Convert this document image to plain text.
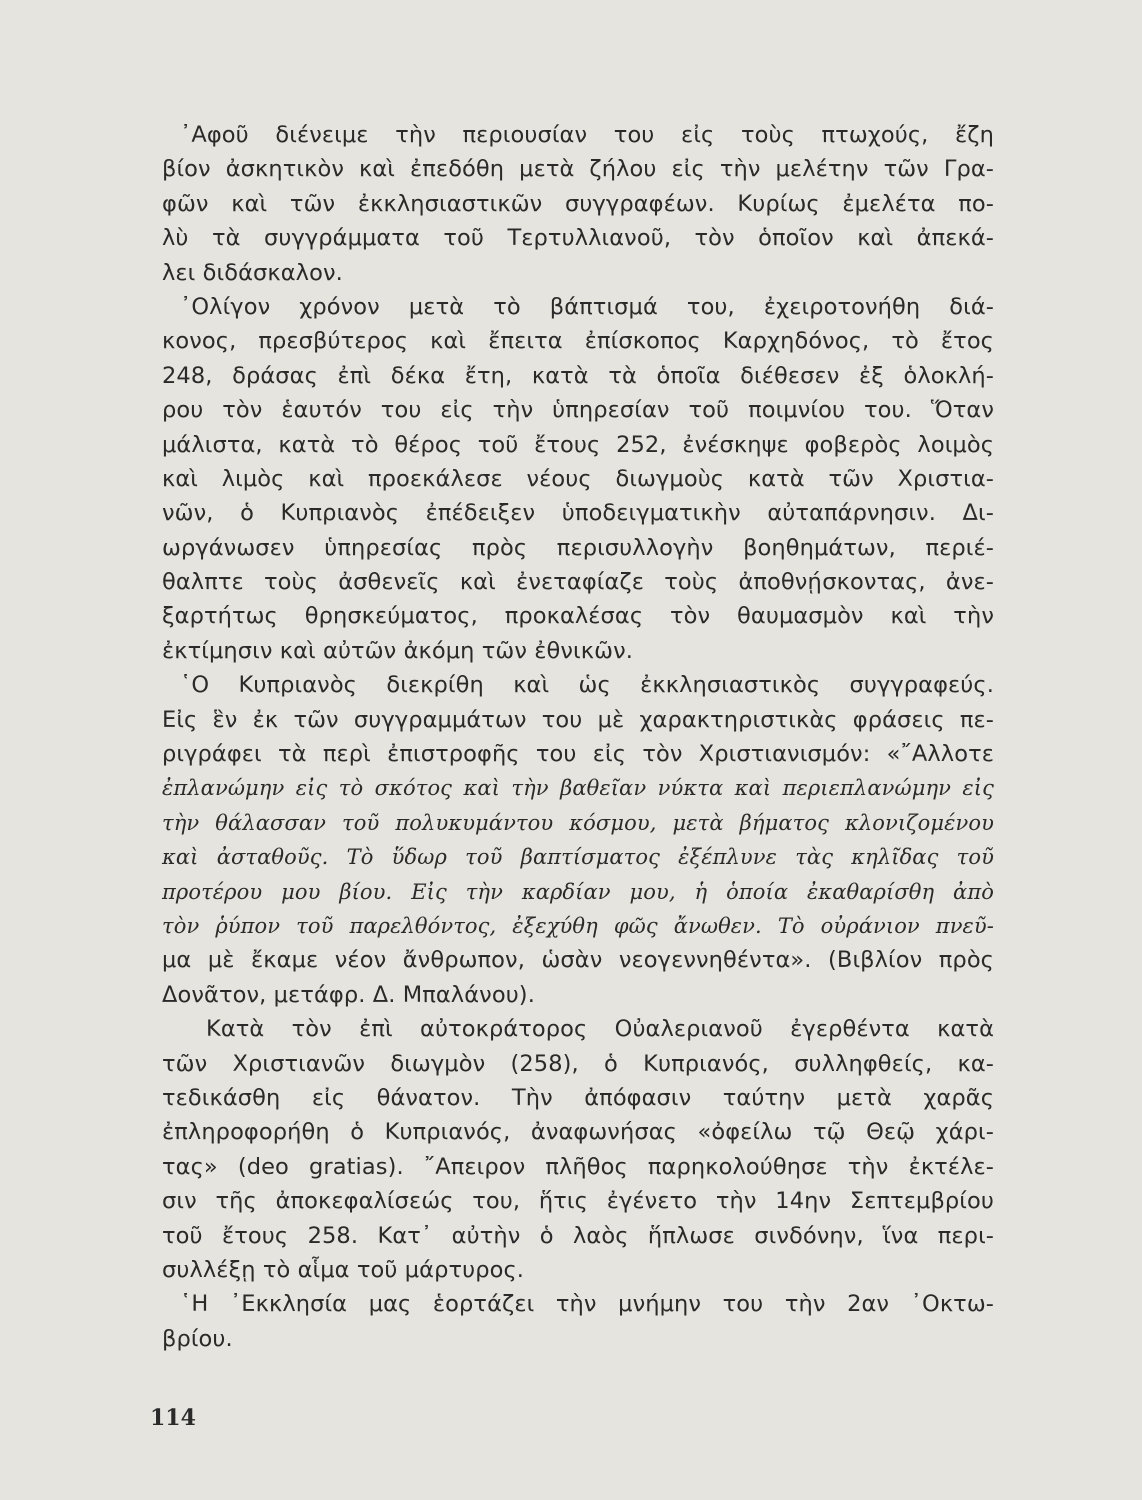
᾿Αφοῦ διένειμε τὴν περιουσίαν του εἰς τοὺς πτωχούς, ἔζη
βίον ἀσκητικὸν καὶ ἐπεδόθη μετὰ ζήλου εἰς τὴν μελέτην τῶν Γρα-
φῶν καὶ τῶν ἐκκλησιαστικῶν συγγραφέων. Κυρίως ἐμελέτα πο-
λὺ τὰ συγγράμματα τοῦ Τερτυλλιανοῦ, τὸν ὁποῖον καὶ ἀπεκά-
λει διδάσκαλον.
᾿Ολίγον χρόνον μετὰ τὸ βάπτισμά του, ἐχειροτονήθη διά-
κονος, πρεσβύτερος καὶ ἔπειτα ἐπίσκοπος Καρχηδόνος, τὸ ἔτος
248, δράσας ἐπὶ δέκα ἔτη, κατὰ τὰ ὁποῖα διέθεσεν ἐξ ὁλοκλή-
ρου τὸν ἑαυτόν του εἰς τὴν ὑπηρεσίαν τοῦ ποιμνίου του. Ὅταν
μάλιστα, κατὰ τὸ θέρος τοῦ ἔτους 252, ἐνέσκηψε φοβερὸς λοιμὸς
καὶ λιμὸς καὶ προεκάλεσε νέους διωγμοὺς κατὰ τῶν Χριστια-
νῶν, ὁ Κυπριανὸς ἐπέδειξεν ὑποδειγματικὴν αὐταπάρνησιν. Δι-
ωργάνωσεν ὑπηρεσίας πρὸς περισυλλογὴν βοηθημάτων, περιέ-
θαλπτε τοὺς ἀσθενεῖς καὶ ἐνεταφίαζε τοὺς ἀποθνῄσκοντας, ἀνε-
ξαρτήτως θρησκεύματος, προκαλέσας τὸν θαυμασμὸν καὶ τὴν
ἐκτίμησιν καὶ αὐτῶν ἀκόμη τῶν ἐθνικῶν.
῾Ο Κυπριανὸς διεκρίθη καὶ ὡς ἐκκλησιαστικὸς συγγραφεύς.
Εἰς ἓν ἐκ τῶν συγγραμμάτων του μὲ χαρακτηριστικὰς φράσεις πε-
ριγράφει τὰ περὶ ἐπιστροφῆς του εἰς τὸν Χριστιανισμόν: «῎Αλλοτε
ἐπλανώμην εἰς τὸ σκότος καὶ τὴν βαθεῖαν νύκτα καὶ περιεπλανώμην εἰς
τὴν θάλασσαν τοῦ πολυκυμάντου κόσμου, μετὰ βήματος κλονιζομένου
καὶ ἀσταθοῦς. Τὸ ὕδωρ τοῦ βαπτίσματος ἐξέπλυνε τὰς κηλῖδας τοῦ
προτέρου μου βίου. Εἰς τὴν καρδίαν μου, ἡ ὁποία ἐκαθαρίσθη ἀπὸ
τὸν ῥύπον τοῦ παρελθόντος, ἐξεχύθη φῶς ἄνωθεν. Τὸ οὐράνιον πνεῦ-
μα μὲ ἔκαμε νέον ἄνθρωπον, ὡσὰν νεογεννηθέντα». (Βιβλίον πρὸς
Δονᾶτον, μετάφρ. Δ. Μπαλάνου).
Κατὰ τὸν ἐπὶ αὐτοκράτορος Οὐαλεριανοῦ ἐγερθέντα κατὰ
τῶν Χριστιανῶν διωγμὸν (258), ὁ Κυπριανός, συλληφθείς, κα-
τεδικάσθη εἰς θάνατον. Τὴν ἀπόφασιν ταύτην μετὰ χαρᾶς
ἐπληροφορήθη ὁ Κυπριανός, ἀναφωνήσας «ὀφείλω τῷ Θεῷ χάρι-
τας» (deo gratias). ῎Απειρον πλῆθος παρηκολούθησε τὴν ἐκτέλε-
σιν τῆς ἀποκεφαλίσεώς του, ἥτις ἐγένετο τὴν 14ην Σεπτεμβρίου
τοῦ ἔτους 258. Κατ᾿ αὐτὴν ὁ λαὸς ἥπλωσε σινδόνην, ἵνα περι-
συλλέξῃ τὸ αἷμα τοῦ μάρτυρος.
῾Η ᾿Εκκλησία μας ἑορτάζει τὴν μνήμην του τὴν 2αν ᾿Οκτω-
βρίου.
114
